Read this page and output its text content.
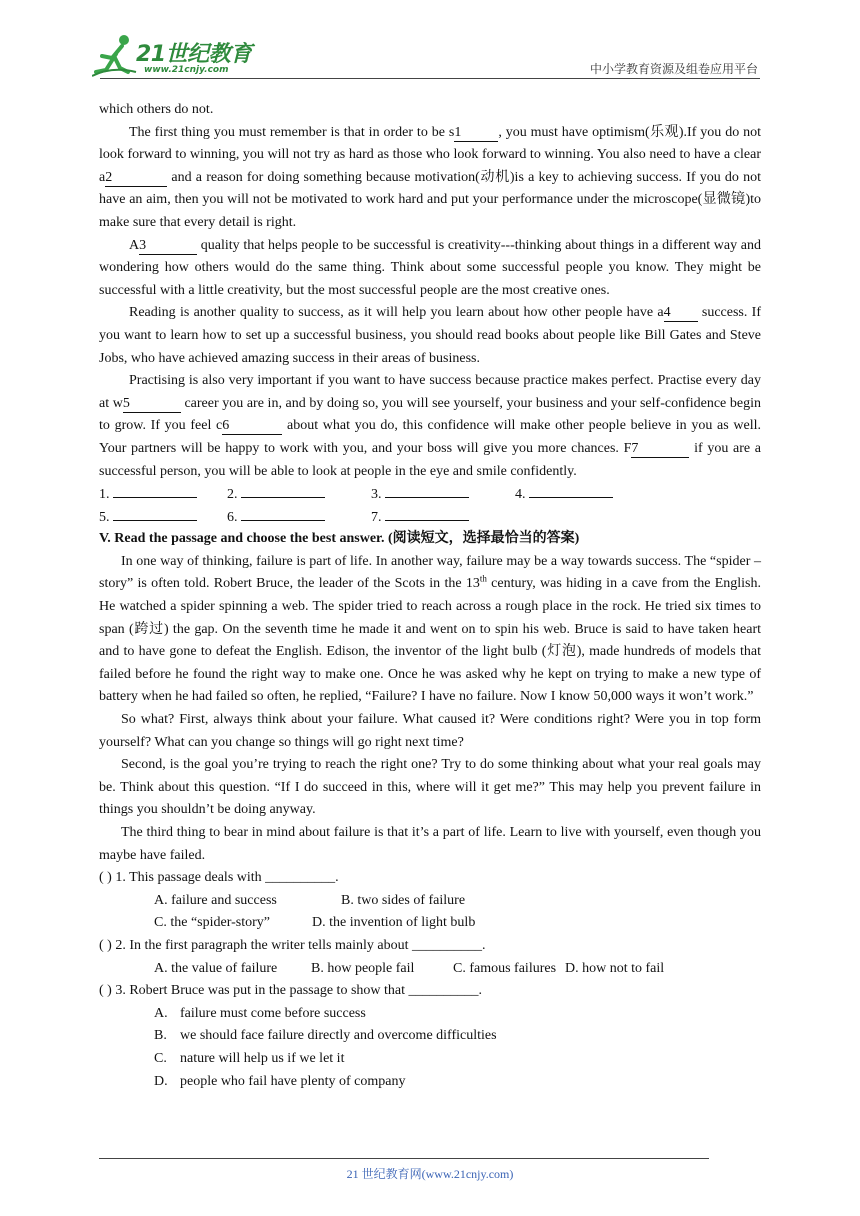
21世纪教育
www.21cnjy.com	中小学教育资源及组卷应用平台

which others do not.

The first thing you must remember is that in order to be s1	, you must have optimism(乐观).If you do not look forward to winning, you will not try as hard as those who look forward to winning. You also need to have a clear a2	and a reason for doing something because motivation(动机)is a key to achieving success. If you do not have an aim, then you will not be motivated to work hard and put your performance under the microscope(显微镜)to make sure that every detail is right.

A3	quality that helps people to be successful is creativity---thinking about things in a different way and wondering how others would do the same thing. Think about some successful people you know. They might be successful with a little creativity, but the most successful people are the most creative ones.

Reading is another quality to success, as it will help you learn about how other people have a4 success. If you want to learn how to set up a successful business, you should read books about people like Bill Gates and Steve Jobs, who have achieved amazing success in their areas of business.

Practising is also very important if you want to have success because practice makes perfect. Practise every day at w5	career you are in, and by doing so, you will see yourself, your business and your self-confidence begin to grow. If you feel c6	about what you do, this confidence will make other people believe in you as well. Your partners will be happy to work with you, and your boss will give you more chances. F7	if you are a successful person, you will be able to look at people in the eye and smile confidently.

1.	2.	3.	4.
5.	6.	7.

V. Read the passage and choose the best answer. (阅读短文，选择最恰当的答案)

In one way of thinking, failure is part of life. In another way, failure may be a way towards success. The “spider –story” is often told. Robert Bruce, the leader of the Scots in the 13th century, was hiding in a cave from the English. He watched a spider spinning a web. The spider tried to reach across a rough place in the rock. He tried six times to span (跨过) the gap. On the seventh time he made it and went on to spin his web. Bruce is said to have taken heart and to have gone to defeat the English. Edison, the inventor of the light bulb (灯泡), made hundreds of models that failed before he found the right way to make one. Once he was asked why he kept on trying to make a new type of battery when he had failed so often, he replied, “Failure? I have no failure. Now I know 50,000 ways it won’t work.”

So what? First, always think about your failure. What caused it? Were conditions right? Were you in top form yourself? What can you change so things will go right next time?

Second, is the goal you’re trying to reach the right one? Try to do some thinking about what your real goals may be. Think about this question. “If I do succeed in this, where will it get me?” This may help you prevent failure in things you shouldn’t be doing anyway.

The third thing to bear in mind about failure is that it’s a part of life. Learn to live with yourself, even though you maybe have failed.

( ) 1. This passage deals with __________.

A. failure and success	B. two sides of failure

C. the “spider-story”	D. the invention of light bulb

( ) 2. In the first paragraph the writer tells mainly about __________.

A. the value of failure B. how people fail	C. famous failures D. how not to fail

( ) 3. Robert Bruce was put in the passage to show that __________.

A. failure must come before success

B. we should face failure directly and overcome difficulties

C. nature will help us if we let it

D. people who fail have plenty of company

21 世纪教育网(www.21cnjy.com)
